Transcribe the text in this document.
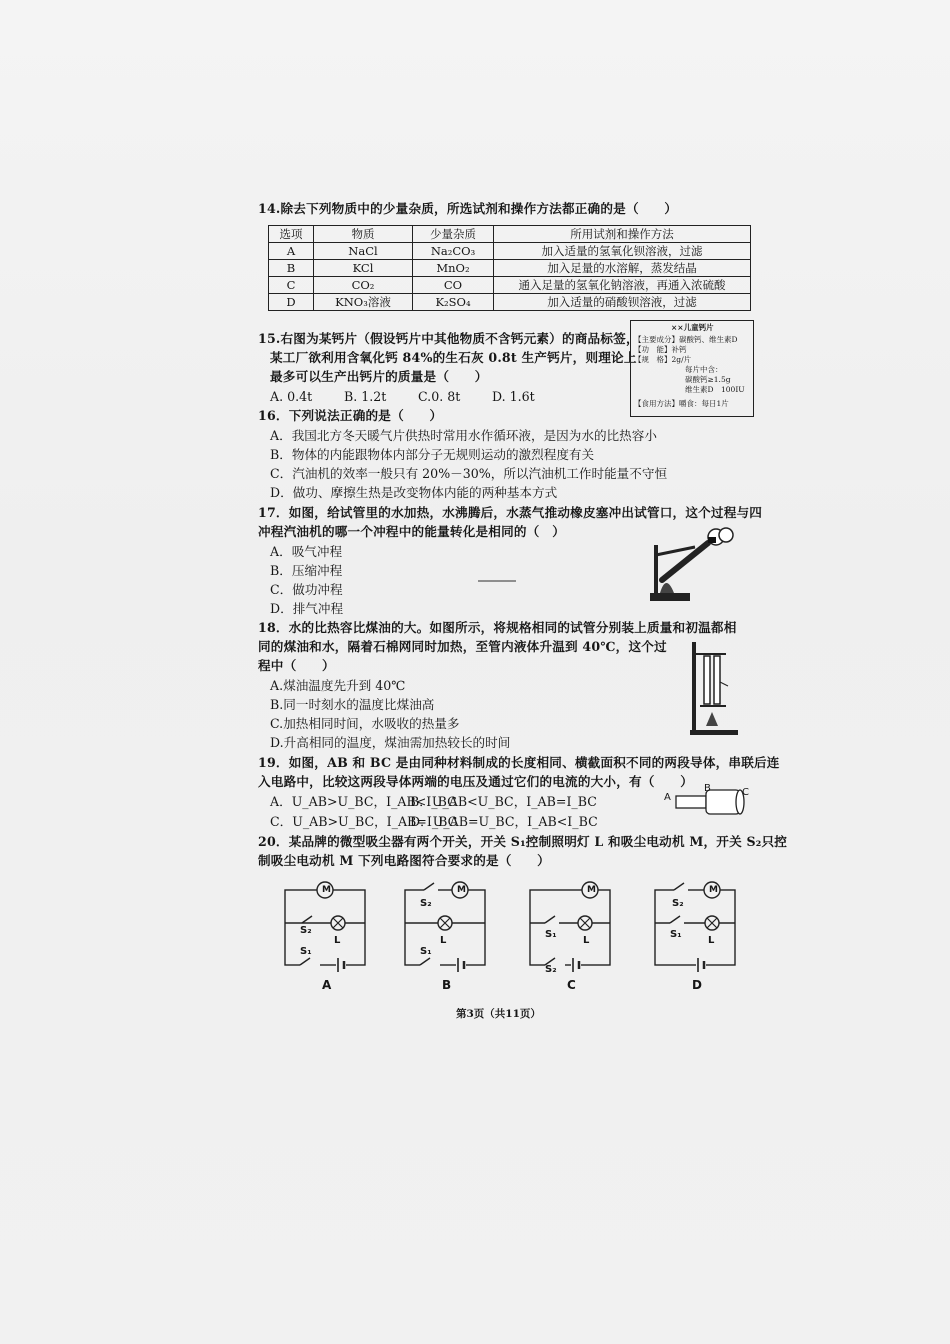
14.除去下列物质中的少量杂质，所选试剂和操作方法都正确的是（　　）
选项	物质	少量杂质	所用试剂和操作方法
A	NaCl	Na₂CO₃	加入适量的氢氧化钡溶液，过滤
B	KCl	MnO₂	加入足量的水溶解，蒸发结晶
C	CO₂	CO	通入足量的氢氧化钠溶液，再通入浓硫酸
D	KNO₃溶液	K₂SO₄	加入适量的硝酸钡溶液，过滤
15.右图为某钙片（假设钙片中其他物质不含钙元素）的商品标签，
某工厂欲利用含氧化钙 84%的生石灰 0.8t 生产钙片，则理论上
最多可以生产出钙片的质量是（　　）
A. 0.4t	B. 1.2t	C.0. 8t	D. 1.6t
××儿童钙片
【主要成分】碳酸钙、维生素D
【功　能】补钙
【规　格】2g/片
每片中含：
碳酸钙≥1.5g
维生素D　100IU
【食用方法】嚼食：每日1片
16．下列说法正确的是（　　）
A．我国北方冬天暖气片供热时常用水作循环液，是因为水的比热容小
B．物体的内能跟物体内部分子无规则运动的激烈程度有关
C．汽油机的效率一般只有 20%－30%，所以汽油机工作时能量不守恒
D．做功、摩擦生热是改变物体内能的两种基本方式
17．如图，给试管里的水加热，水沸腾后，水蒸气推动橡皮塞冲出试管口，这个过程与四
冲程汽油机的哪一个冲程中的能量转化是相同的（　）
A．吸气冲程
B．压缩冲程
C．做功冲程
D．排气冲程
18．水的比热容比煤油的大。如图所示，将规格相同的试管分别装上质量和初温都相
同的煤油和水，隔着石棉网同时加热，至管内液体升温到 40℃，这个过
程中（　　）
A.煤油温度先升到 40℃
B.同一时刻水的温度比煤油高
C.加热相同时间，水吸收的热量多
D.升高相同的温度，煤油需加热较长的时间
19．如图，AB 和 BC 是由同种材料制成的长度相同、横截面积不同的两段导体，串联后连
入电路中，比较这两段导体两端的电压及通过它们的电流的大小，有（　　）
A．U_AB>U_BC，I_AB<I_BC
B．U_AB<U_BC，I_AB=I_BC
C．U_AB>U_BC，I_AB=I_BC
D．U_AB=U_BC，I_AB<I_BC
A
B	C
20．某品牌的微型吸尘器有两个开关，开关 S₁控制照明灯 L 和吸尘电动机 M，开关 S₂只控
制吸尘电动机 M 下列电路图符合要求的是（　　）
M
S₂
S₁
L
A
M
S₂
S₁
L
B
M
S₁
S₂
L
C
M
S₂
S₁
L
D
第3页（共11页）
